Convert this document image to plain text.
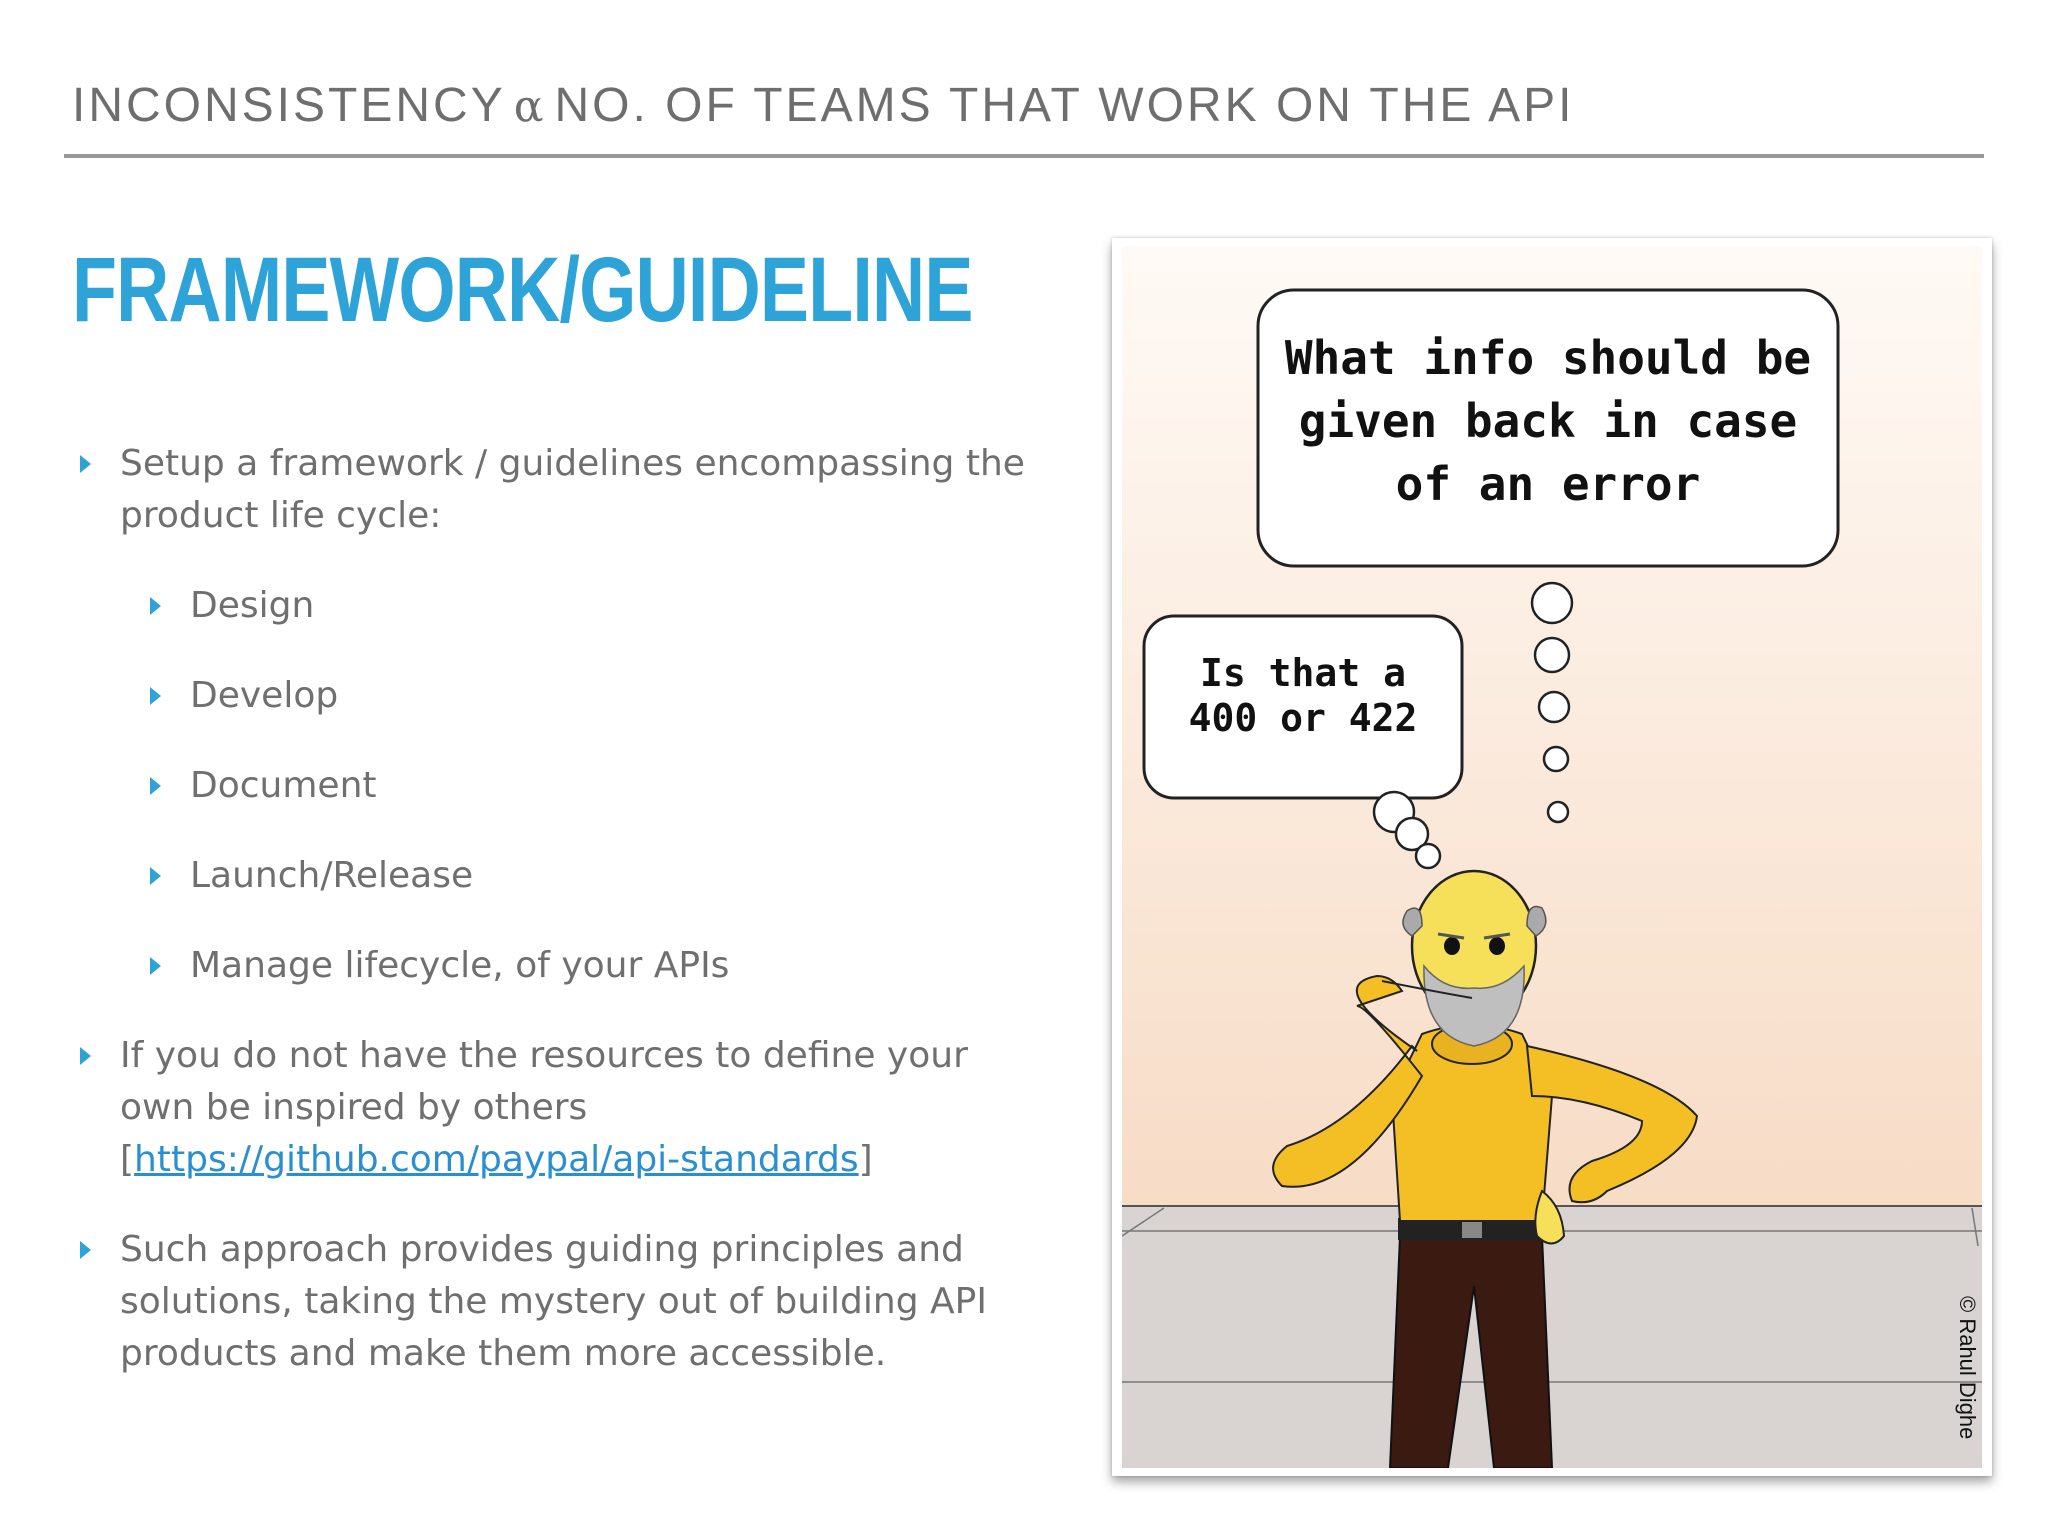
INCONSISTENCY α NO. OF TEAMS THAT WORK ON THE API
FRAMEWORK/GUIDELINE
Setup a framework / guidelines encompassing the product life cycle:
Design
Develop
Document
Launch/Release
Manage lifecycle, of your APIs
If you do not have the resources to define your own be inspired by others [https://github.com/paypal/api-standards]
Such approach provides guiding principles and solutions, taking the mystery out of building API products and make them more accessible.
What info should be
given back in case
of an error
Is that a
400 or 422
© Rahul Dighe
